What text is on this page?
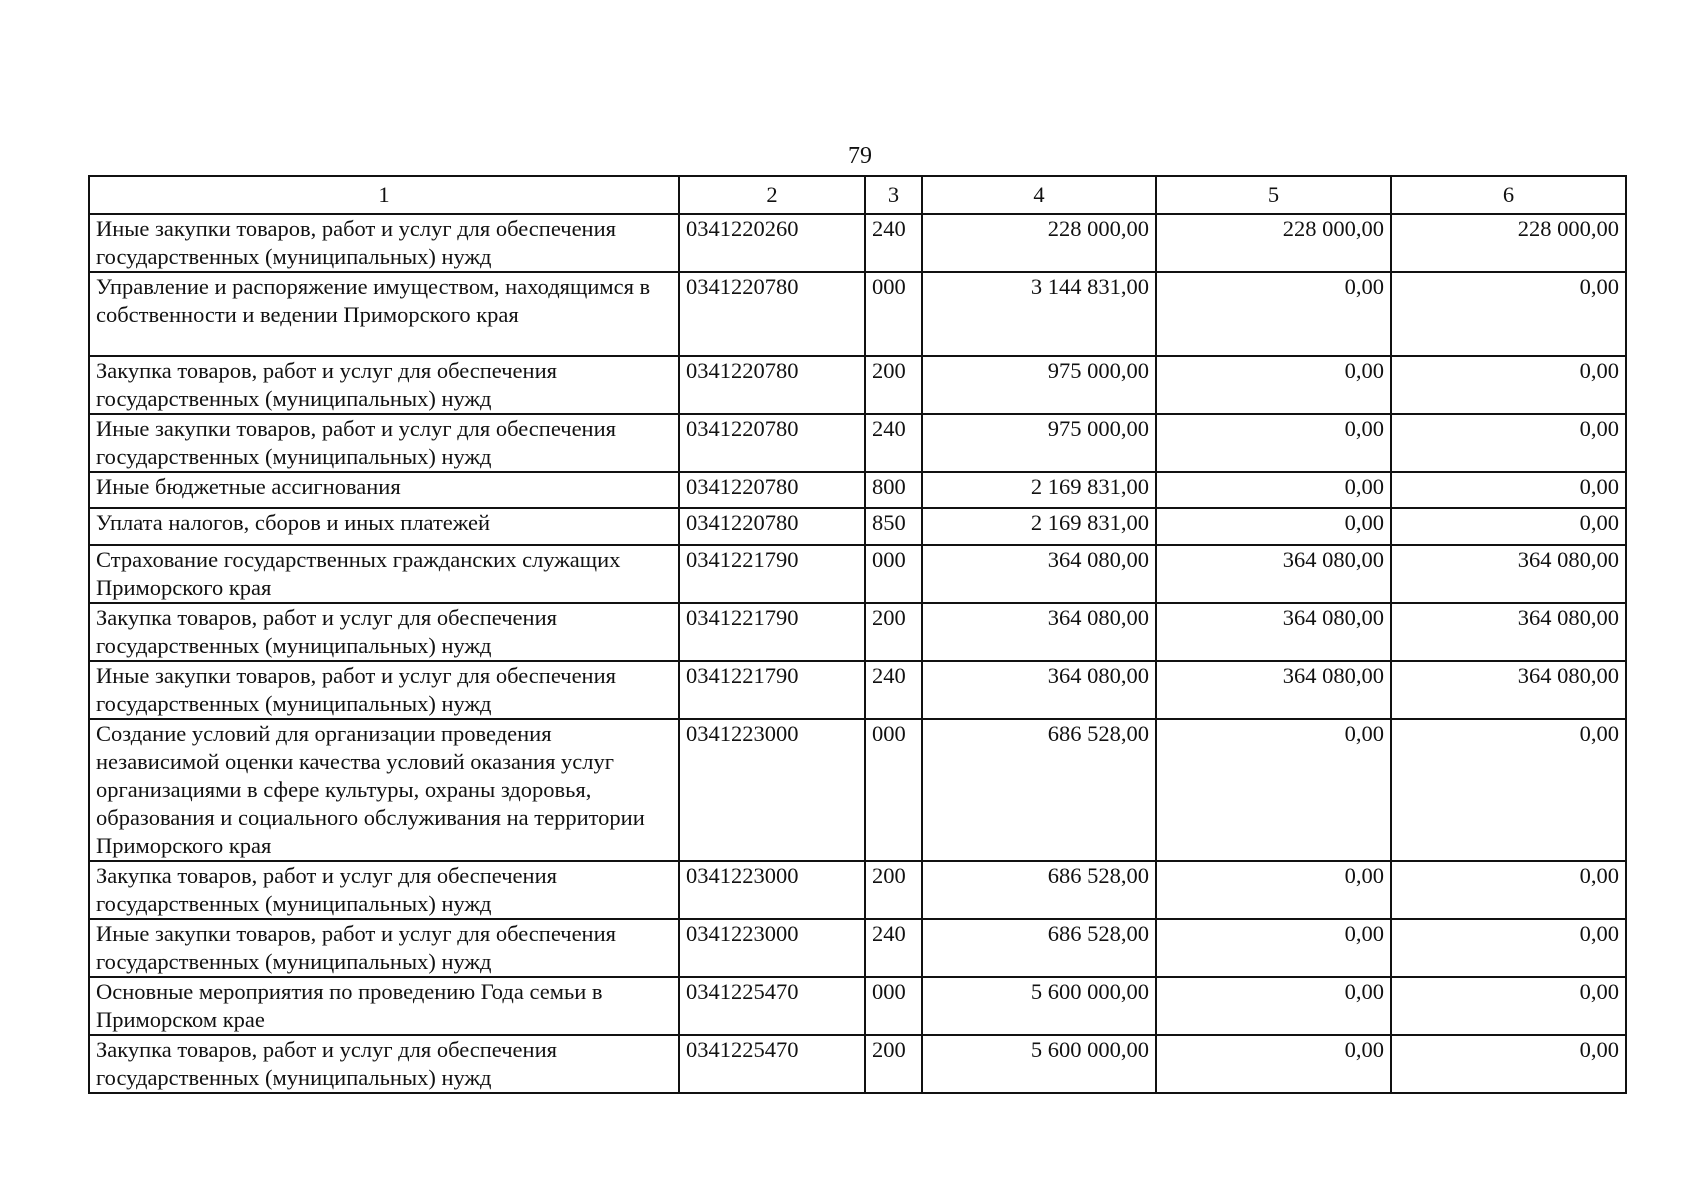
79
1	2	3	4	5	6
Иные закупки товаров, работ и услуг для обеспечения государственных (муниципальных) нужд	0341220260	240	228 000,00	228 000,00	228 000,00
Управление и распоряжение имуществом, находящимся в собственности и ведении Приморского края	0341220780	000	3 144 831,00	0,00	0,00
Закупка товаров, работ и услуг для обеспечения государственных (муниципальных) нужд	0341220780	200	975 000,00	0,00	0,00
Иные закупки товаров, работ и услуг для обеспечения государственных (муниципальных) нужд	0341220780	240	975 000,00	0,00	0,00
Иные бюджетные ассигнования	0341220780	800	2 169 831,00	0,00	0,00
Уплата налогов, сборов и иных платежей	0341220780	850	2 169 831,00	0,00	0,00
Страхование государственных гражданских служащих Приморского края	0341221790	000	364 080,00	364 080,00	364 080,00
Закупка товаров, работ и услуг для обеспечения государственных (муниципальных) нужд	0341221790	200	364 080,00	364 080,00	364 080,00
Иные закупки товаров, работ и услуг для обеспечения государственных (муниципальных) нужд	0341221790	240	364 080,00	364 080,00	364 080,00
Создание условий для организации проведения независимой оценки качества условий оказания услуг организациями в сфере культуры, охраны здоровья, образования и социального обслуживания на территории Приморского края	0341223000	000	686 528,00	0,00	0,00
Закупка товаров, работ и услуг для обеспечения государственных (муниципальных) нужд	0341223000	200	686 528,00	0,00	0,00
Иные закупки товаров, работ и услуг для обеспечения государственных (муниципальных) нужд	0341223000	240	686 528,00	0,00	0,00
Основные мероприятия по проведению Года семьи в Приморском крае	0341225470	000	5 600 000,00	0,00	0,00
Закупка товаров, работ и услуг для обеспечения государственных (муниципальных) нужд	0341225470	200	5 600 000,00	0,00	0,00
